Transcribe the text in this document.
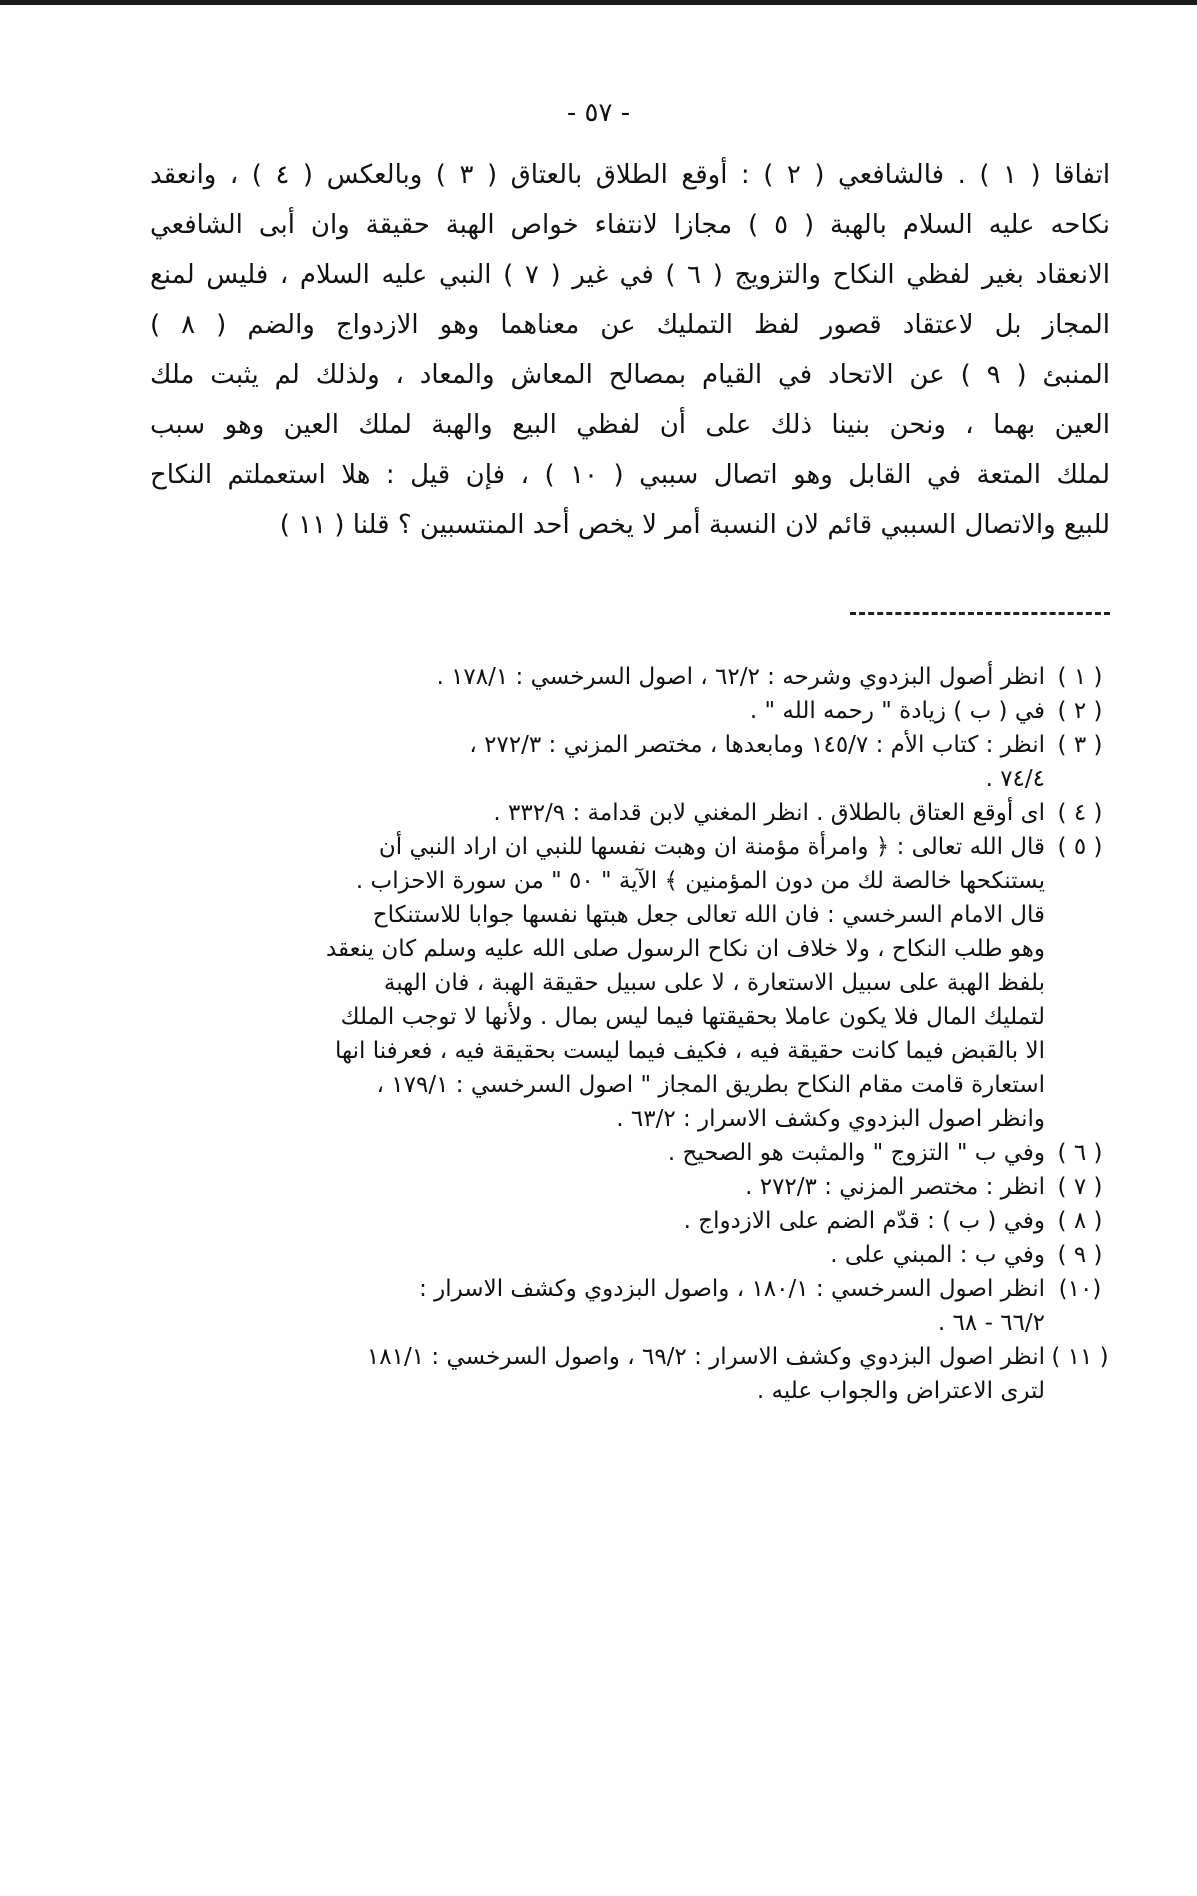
- ٥٧ -

اتفاقا ( ١ ) . فالشافعي ( ٢ ) : أوقع الطلاق بالعتاق ( ٣ ) وبالعكس ( ٤ ) ، وانعقد
نكاحه عليه السلام بالهبة ( ٥ ) مجازا لانتفاء خواص الهبة حقيقة وان أبى الشافعي
الانعقاد بغير لفظي النكاح والتزويج ( ٦ ) في غير ( ٧ ) النبي عليه السلام ، فليس لمنع
المجاز بل لاعتقاد قصور لفظ التمليك عن معناهما وهو الازدواج والضم ( ٨ )
المنبئ ( ٩ ) عن الاتحاد في القيام بمصالح المعاش والمعاد ، ولذلك لم يثبت ملك
العين بهما ، ونحن بنينا ذلك على أن لفظي البيع والهبة لملك العين وهو سبب
لملك المتعة في القابل وهو اتصال سببي ( ١٠ ) ، فإن قيل : هلا استعملتم النكاح
للبيع والاتصال السببي قائم لان النسبة أمر لا يخص أحد المنتسبين ؟ قلنا ( ١١ )

( ١ )
انظر أصول البزدوي وشرحه : ٦٢/٢ ، اصول السرخسي : ١٧٨/١ .
( ٢ )
في ( ب ) زيادة " رحمه الله " .
( ٣ )
انظر : كتاب الأم : ١٤٥/٧ ومابعدها ، مختصر المزني : ٢٧٢/٣ ،
٧٤/٤ .
( ٤ )
اى أوقع العتاق بالطلاق . انظر المغني لابن قدامة : ٣٣٢/٩ .
( ٥ )
قال الله تعالى : ﴿ وامرأة مؤمنة ان وهبت نفسها للنبي ان اراد النبي أن
يستنكحها خالصة لك من دون المؤمنين ﴾ الآية " ٥٠ " من سورة الاحزاب .
قال الامام السرخسي : فان الله تعالى جعل هبتها نفسها جوابا للاستنكاح
وهو طلب النكاح ، ولا خلاف ان نكاح الرسول صلى الله عليه وسلم كان ينعقد
بلفظ الهبة على سبيل الاستعارة ، لا على سبيل حقيقة الهبة ، فان الهبة
لتمليك المال فلا يكون عاملا بحقيقتها فيما ليس بمال . ولأنها لا توجب الملك
الا بالقبض فيما كانت حقيقة فيه ، فكيف فيما ليست بحقيقة فيه ، فعرفنا انها
استعارة قامت مقام النكاح بطريق المجاز " اصول السرخسي : ١٧٩/١ ،
وانظر اصول البزدوي وكشف الاسرار : ٦٣/٢ .
( ٦ )
وفي ب " التزوج " والمثبت هو الصحيح .
( ٧ )
انظر : مختصر المزني : ٢٧٢/٣ .
( ٨ )
وفي ( ب ) : قدّم الضم على الازدواج .
( ٩ )
وفي ب : المبني على .
(١٠)
انظر اصول السرخسي : ١٨٠/١ ، واصول البزدوي وكشف الاسرار :
٦٦/٢ - ٦٨ .
( ١١ )
انظر اصول البزدوي وكشف الاسرار : ٦٩/٢ ، واصول السرخسي : ١٨١/١
لترى الاعتراض والجواب عليه .
